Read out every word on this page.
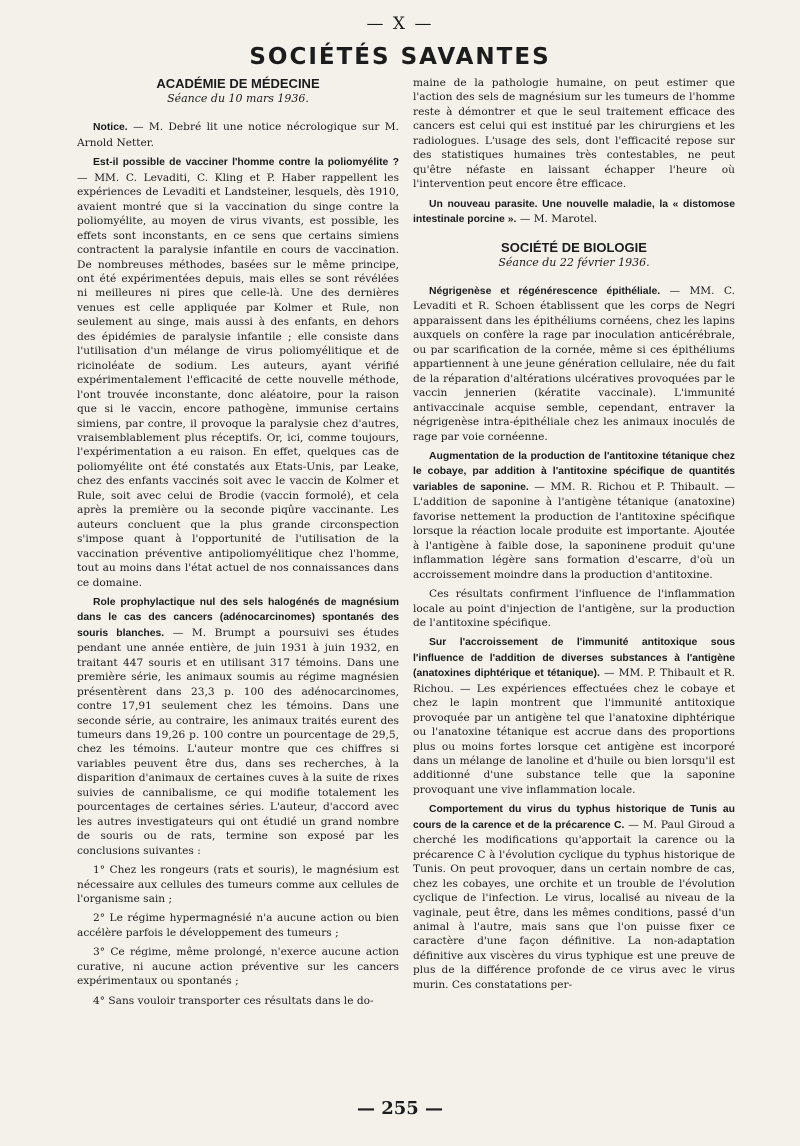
— X —
SOCIÉTÉS SAVANTES
ACADÉMIE DE MÉDECINE
Séance du 10 mars 1936.

Notice. — M. Debré lit une notice nécrologique sur M. Arnold Netter.

Est-il possible de vacciner l'homme contre la poliomyélite ? — MM. C. Levaditi, C. Kling et P. Haber rappellent les expériences de Levaditi et Landsteiner, lesquels, dès 1910, avaient montré que si la vaccination du singe contre la poliomyélite, au moyen de virus vivants, est possible, les effets sont inconstants, en ce sens que certains simiens contractent la paralysie infantile en cours de vaccination. De nombreuses méthodes, basées sur le même principe, ont été expérimentées depuis, mais elles se sont révélées ni meilleures ni pires que celle-là. Une des dernières venues est celle appliquée par Kolmer et Rule, non seulement au singe, mais aussi à des enfants, en dehors des épidémies de paralysie infantile ; elle consiste dans l'utilisation d'un mélange de virus poliomyélitique et de ricinoléate de sodium. Les auteurs, ayant vérifié expérimentalement l'efficacité de cette nouvelle méthode, l'ont trouvée inconstante, donc aléatoire, pour la raison que si le vaccin, encore pathogène, immunise certains simiens, par contre, il provoque la paralysie chez d'autres, vraisemblablement plus réceptifs. Or, ici, comme toujours, l'expérimentation a eu raison. En effet, quelques cas de poliomyélite ont été constatés aux Etats-Unis, par Leake, chez des enfants vaccinés soit avec le vaccin de Kolmer et Rule, soit avec celui de Brodie (vaccin formolé), et cela après la première ou la seconde piqûre vaccinante. Les auteurs concluent que la plus grande circonspection s'impose quant à l'opportunité de l'utilisation de la vaccination préventive antipoliomyélitique chez l'homme, tout au moins dans l'état actuel de nos connaissances dans ce domaine.

Role prophylactique nul des sels halogénés de magnésium dans le cas des cancers (adénocarcinomes) spontanés des souris blanches. — M. Brumpt a poursuivi ses études pendant une année entière, de juin 1931 à juin 1932, en traitant 447 souris et en utilisant 317 témoins. Dans une première série, les animaux soumis au régime magnésien présentèrent dans 23,3 p. 100 des adénocarcinomes, contre 17,91 seulement chez les témoins. Dans une seconde série, au contraire, les animaux traités eurent des tumeurs dans 19,26 p. 100 contre un pourcentage de 29,5, chez les témoins. L'auteur montre que ces chiffres si variables peuvent être dus, dans ses recherches, à la disparition d'animaux de certaines cuves à la suite de rixes suivies de cannibalisme, ce qui modifie totalement les pourcentages de certaines séries. L'auteur, d'accord avec les autres investigateurs qui ont étudié un grand nombre de souris ou de rats, termine son exposé par les conclusions suivantes :

1° Chez les rongeurs (rats et souris), le magnésium est nécessaire aux cellules des tumeurs comme aux cellules de l'organisme sain ;

2° Le régime hypermagnésié n'a aucune action ou bien accélère parfois le développement des tumeurs ;

3° Ce régime, même prolongé, n'exerce aucune action curative, ni aucune action préventive sur les cancers expérimentaux ou spontanés ;

4° Sans vouloir transporter ces résultats dans le do-

maine de la pathologie humaine, on peut estimer que l'action des sels de magnésium sur les tumeurs de l'homme reste à démontrer et que le seul traitement efficace des cancers est celui qui est institué par les chirurgiens et les radiologues. L'usage des sels, dont l'efficacité repose sur des statistiques humaines très contestables, ne peut qu'être néfaste en laissant échapper l'heure où l'intervention peut encore être efficace.

Un nouveau parasite. Une nouvelle maladie, la « distomose intestinale porcine ». — M. Marotel.

SOCIÉTÉ DE BIOLOGIE
Séance du 22 février 1936.

Négrigenèse et régénérescence épithéliale. — MM. C. Levaditi et R. Schoen établissent que les corps de Negri apparaissent dans les épithéliums cornéens, chez les lapins auxquels on confère la rage par inoculation anticérébrale, ou par scarification de la cornée, même si ces épithéliums appartiennent à une jeune génération cellulaire, née du fait de la réparation d'altérations ulcératives provoquées par le vaccin jennerien (kératite vaccinale). L'immunité antivaccinale acquise semble, cependant, entraver la négrigenèse intra-épithéliale chez les animaux inoculés de rage par voie cornéenne.

Augmentation de la production de l'antitoxine tétanique chez le cobaye, par addition à l'antitoxine spécifique de quantités variables de saponine. — MM. R. Richou et P. Thibault. — L'addition de saponine à l'antigène tétanique (anatoxine) favorise nettement la production de l'antitoxine spécifique lorsque la réaction locale produite est importante. Ajoutée à l'antigène à faible dose, la saponinene produit qu'une inflammation légère sans formation d'escarre, d'où un accroissement moindre dans la production d'antitoxine.

Ces résultats confirment l'influence de l'inflammation locale au point d'injection de l'antigène, sur la production de l'antitoxine spécifique.

Sur l'accroissement de l'immunité antitoxique sous l'influence de l'addition de diverses substances à l'antigène (anatoxines diphtérique et tétanique). — MM. P. Thibault et R. Richou. — Les expériences effectuées chez le cobaye et chez le lapin montrent que l'immunité antitoxique provoquée par un antigène tel que l'anatoxine diphtérique ou l'anatoxine tétanique est accrue dans des proportions plus ou moins fortes lorsque cet antigène est incorporé dans un mélange de lanoline et d'huile ou bien lorsqu'il est additionné d'une substance telle que la saponine provoquant une vive inflammation locale.

Comportement du virus du typhus historique de Tunis au cours de la carence et de la précarence C. — M. Paul Giroud a cherché les modifications qu'apportait la carence ou la précarence C à l'évolution cyclique du typhus historique de Tunis. On peut provoquer, dans un certain nombre de cas, chez les cobayes, une orchite et un trouble de l'évolution cyclique de l'infection. Le virus, localisé au niveau de la vaginale, peut être, dans les mêmes conditions, passé d'un animal à l'autre, mais sans que l'on puisse fixer ce caractère d'une façon définitive. La non-adaptation définitive aux viscères du virus typhique est une preuve de plus de la différence profonde de ce virus avec le virus murin. Ces constatations per-

— 255 —
